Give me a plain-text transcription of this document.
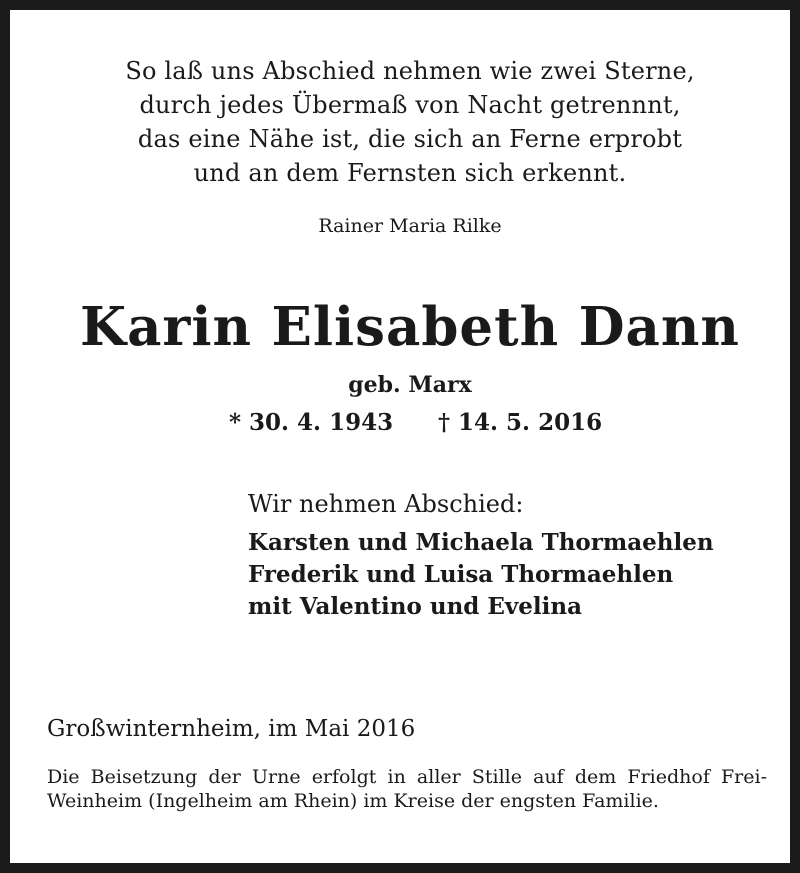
So laß uns Abschied nehmen wie zwei Sterne,
durch jedes Übermaß von Nacht getrennnt,
das eine Nähe ist, die sich an Ferne erprobt
und an dem Fernsten sich erkennt.
Rainer Maria Rilke
Karin Elisabeth Dann
geb. Marx
* 30. 4. 1943 † 14. 5. 2016
Wir nehmen Abschied:
Karsten und Michaela Thormaehlen
Frederik und Luisa Thormaehlen
mit Valentino und Evelina
Großwinternheim, im Mai 2016
Die Beisetzung der Urne erfolgt in aller Stille auf dem Friedhof Frei-Weinheim (Ingelheim am Rhein) im Kreise der engsten Familie.
